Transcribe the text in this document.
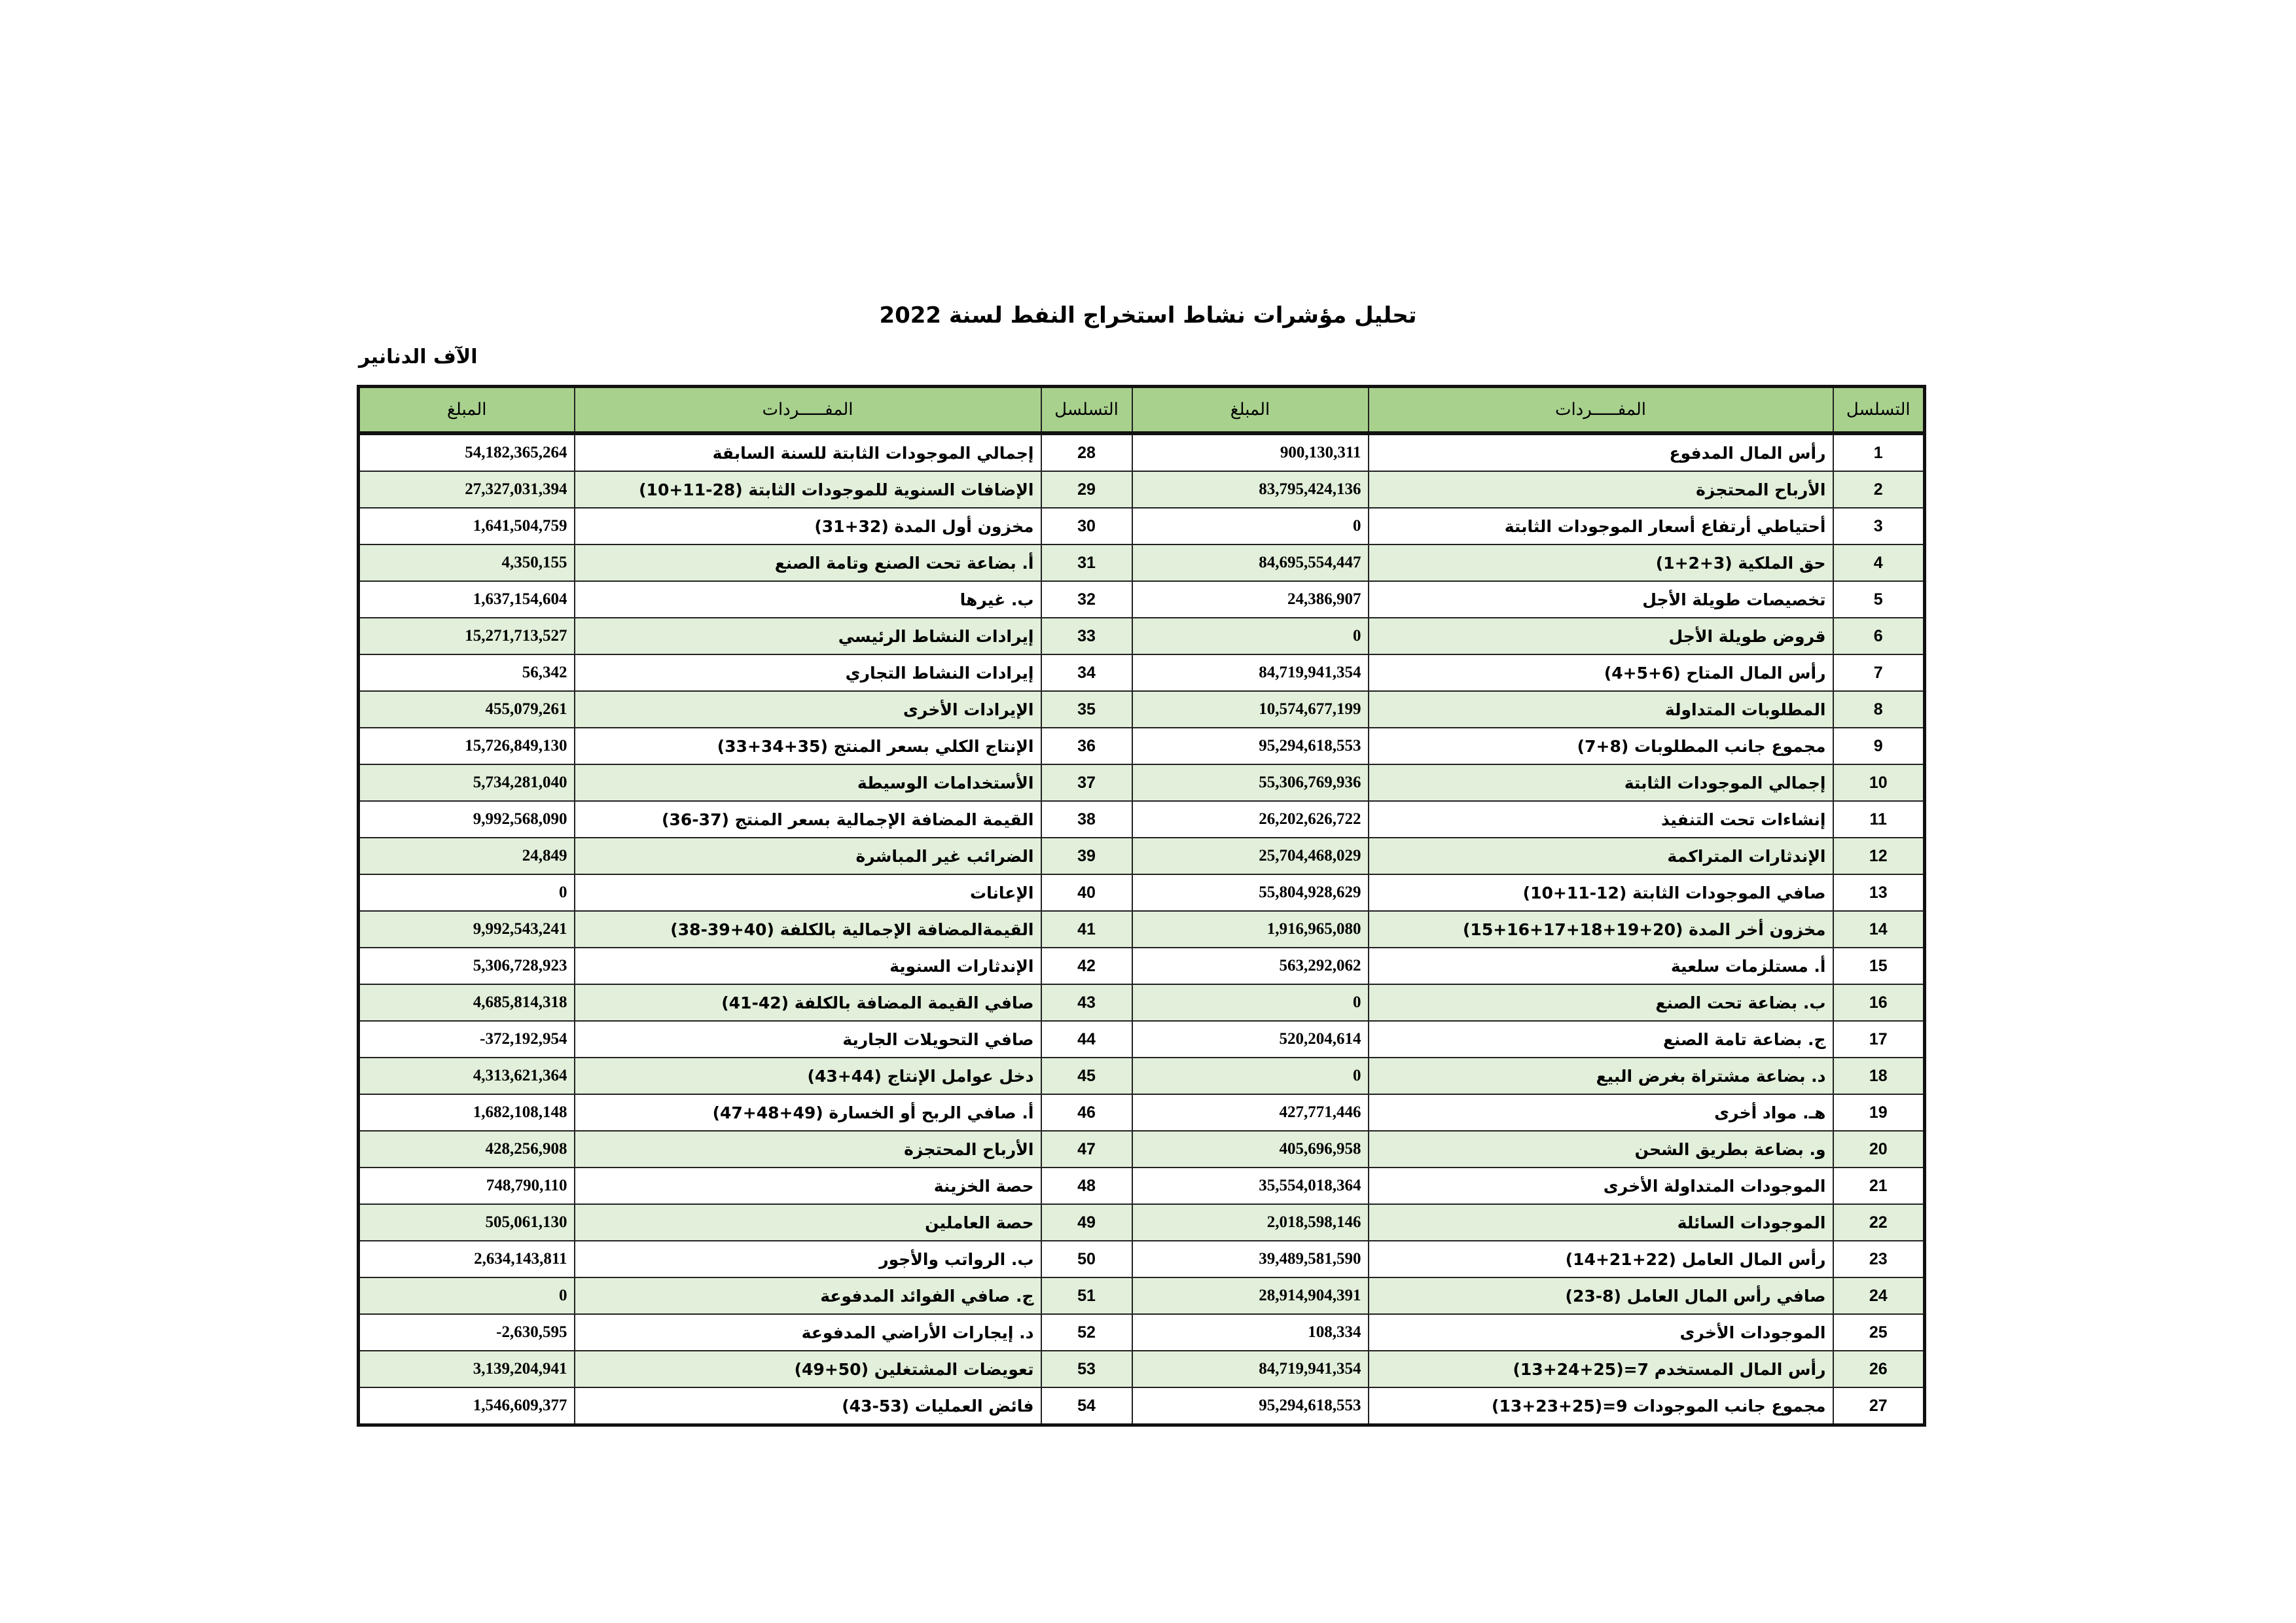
تحليل مؤشرات نشاط استخراج النفط لسنة 2022
الآف الدنانير
التسلسل	المفـــــردات	المبلغ	التسلسل	المفـــــردات	المبلغ
1	رأس المال المدفوع	900,130,311	28	إجمالي الموجودات الثابتة للسنة السابقة	54,182,365,264
2	الأرباح المحتجزة	83,795,424,136	29	الإضافات السنوية للموجودات الثابتة (28-11+10)	27,327,031,394
3	أحتياطي أرتفاع أسعار الموجودات الثابتة	0	30	مخزون أول المدة (32+31)	1,641,504,759
4	حق الملكية (3+2+1)	84,695,554,447	31	أ. بضاعة تحت الصنع وتامة الصنع	4,350,155
5	تخصيصات طويلة الأجل	24,386,907	32	ب. غيرها	1,637,154,604
6	قروض طويلة الأجل	0	33	إيرادات النشاط الرئيسي	15,271,713,527
7	رأس المال المتاح (6+5+4)	84,719,941,354	34	إيرادات النشاط التجاري	56,342
8	المطلوبات المتداولة	10,574,677,199	35	الإيرادات الأخرى	455,079,261
9	مجموع جانب المطلوبات (8+7)	95,294,618,553	36	الإنتاج الكلي بسعر المنتج (35+34+33)	15,726,849,130
10	إجمالي الموجودات الثابتة	55,306,769,936	37	الأستخدامات الوسيطة	5,734,281,040
11	إنشاءات تحت التنفيذ	26,202,626,722	38	القيمة المضافة الإجمالية بسعر المنتج (37-36)	9,992,568,090
12	الإندثارات المتراكمة	25,704,468,029	39	الضرائب غير المباشرة	24,849
13	صافي الموجودات الثابتة (12-11+10)	55,804,928,629	40	الإعانات	0
14	مخزون أخر المدة (20+19+18+17+16+15)	1,916,965,080	41	القيمةالمضافة الإجمالية بالكلفة (40+39-38)	9,992,543,241
15	أ. مستلزمات سلعية	563,292,062	42	الإندثارات السنوية	5,306,728,923
16	ب. بضاعة تحت الصنع	0	43	صافي القيمة المضافة بالكلفة (42-41)	4,685,814,318
17	ج. بضاعة تامة الصنع	520,204,614	44	صافي التحويلات الجارية	-372,192,954
18	د. بضاعة مشتراة بغرض البيع	0	45	دخل عوامل الإنتاج (44+43)	4,313,621,364
19	هـ. مواد أخرى	427,771,446	46	أ. صافي الربح أو الخسارة (49+48+47)	1,682,108,148
20	و. بضاعة بطريق الشحن	405,696,958	47	الأرباح المحتجزة	428,256,908
21	الموجودات المتداولة الأخرى	35,554,018,364	48	حصة الخزينة	748,790,110
22	الموجودات السائلة	2,018,598,146	49	حصة العاملين	505,061,130
23	رأس المال العامل (22+21+14)	39,489,581,590	50	ب. الرواتب والأجور	2,634,143,811
24	صافي رأس المال العامل (8-23)	28,914,904,391	51	ج. صافي الفوائد المدفوعة	0
25	الموجودات الأخرى	108,334	52	د. إيجارات الأراضي المدفوعة	-2,630,595
26	رأس المال المستخدم 7=(25+24+13)	84,719,941,354	53	تعويضات المشتغلين (50+49)	3,139,204,941
27	مجموع جانب الموجودات 9=(25+23+13)	95,294,618,553	54	فائض العمليات (53-43)	1,546,609,377
